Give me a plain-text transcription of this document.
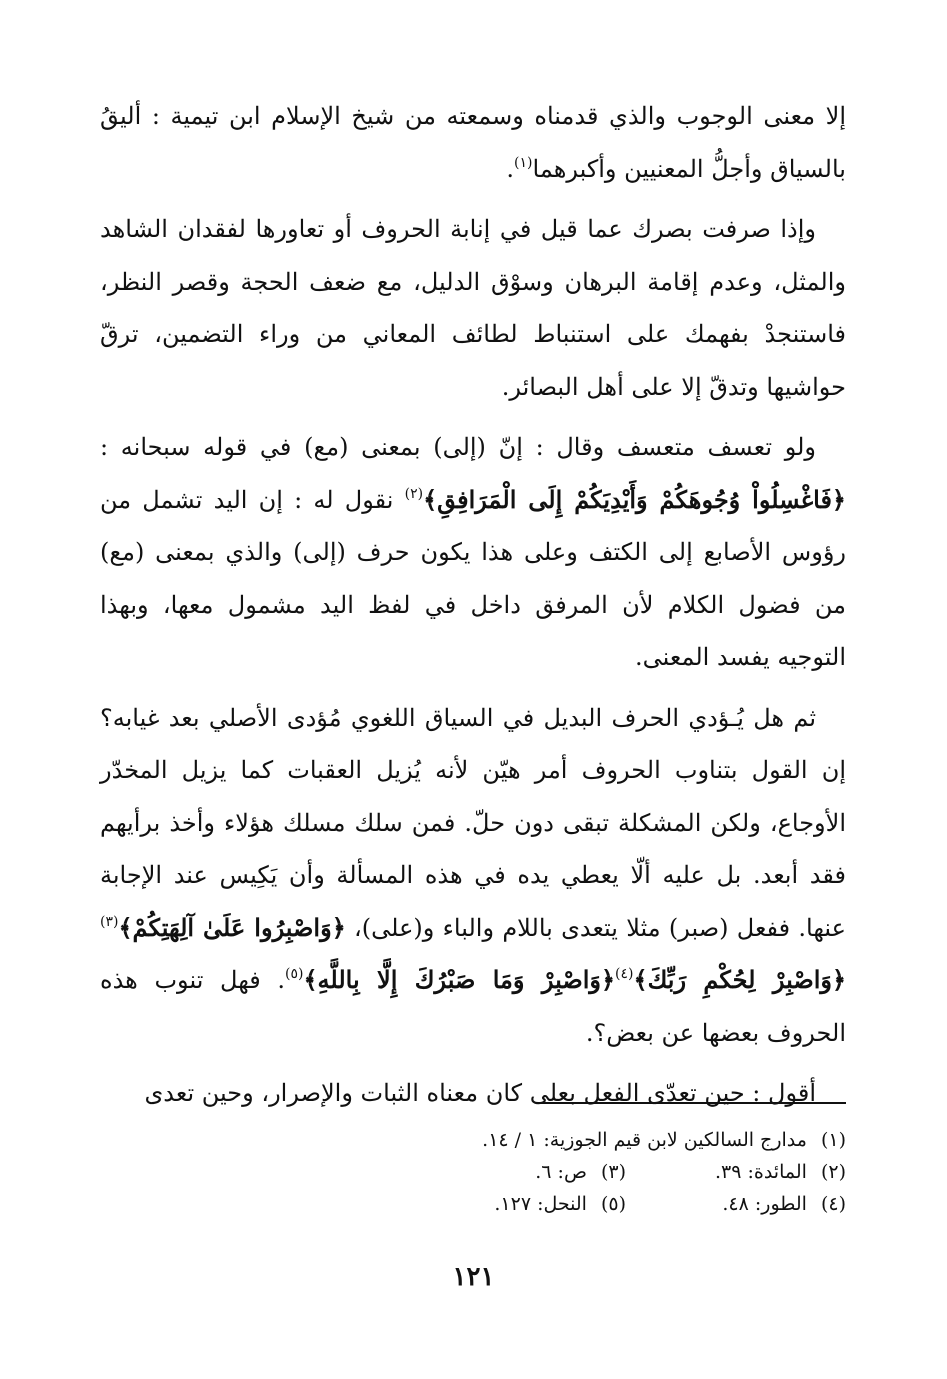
إلا معنى الوجوب والذي قدمناه وسمعته من شيخ الإسلام ابن تيمية : أليقُ بالسياق وأجلُّ المعنيين وأكبرهما$^{(١)}$.

وإذا صرفت بصرك عما قيل في إنابة الحروف أو تعاورها لفقدان الشاهد والمثل، وعدم إقامة البرهان وسوْق الدليل، مع ضعف الحجة وقصر النظر، فاستنجدْ بفهمك على استنباط لطائف المعاني من وراء التضمين، ترقّ حواشيها وتدقّ إلا على أهل البصائر.

ولو تعسف متعسف وقال : إنّ (إلى) بمعنى (مع) في قوله سبحانه : ﴿فَاغْسِلُواْ وُجُوهَكُمْ وَأَيْدِيَكُمْ إِلَى الْمَرَافِقِ﴾$^{(٢)}$ نقول له : إن اليد تشمل من رؤوس الأصابع إلى الكتف وعلى هذا يكون حرف (إلى) والذي بمعنى (مع) من فضول الكلام لأن المرفق داخل في لفظ اليد مشمول معها، وبهذا التوجيه يفسد المعنى.

ثم هل يُـؤدي الحرف البديل في السياق اللغوي مُؤدى الأصلي بعد غيابه؟ إن القول بتناوب الحروف أمر هيّن لأنه يُزيل العقبات كما يزيل المخدّر الأوجاع، ولكن المشكلة تبقى دون حلّ. فمن سلك مسلك هؤلاء وأخذ برأيهم فقد أبعد. بل عليه ألّا يعطي يده في هذه المسألة وأن يَكِيس عند الإجابة عنها. ففعل (صبر) مثلا يتعدى باللام والباء و(على)، ﴿وَاصْبِرُوا عَلَىٰ آلِهَتِكُمْ﴾$^{(٣)}$﴿وَاصْبِرْ لِحُكْمِ رَبِّكَ﴾$^{(٤)}$﴿وَاصْبِرْ وَمَا صَبْرُكَ إِلَّا بِاللَّهِ﴾$^{(٥)}$. فهل تنوب هذه الحروف بعضها عن بعض؟.

أقول : حين تعدّى الفعل بعلى كان معناه الثبات والإصرار، وحين تعدى

(١)مدارج السالكين لابن قيم الجوزية: ١ / ١٤.
(٢)المائدة: ٣٩.
(٣)ص: ٦.
(٤)الطور: ٤٨.
(٥)النحل: ١٢٧.
١٢١
